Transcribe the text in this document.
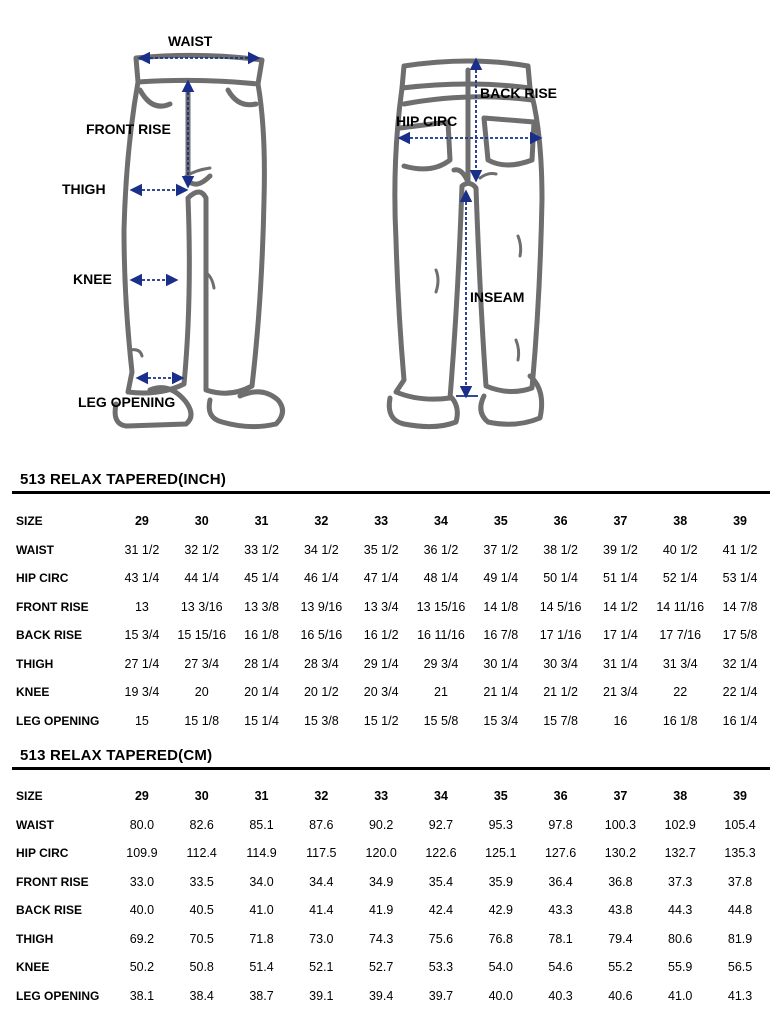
WAIST
FRONT RISE
THIGH
KNEE
LEG OPENING
BACK RISE
HIP CIRC
INSEAM
513 RELAX TAPERED(INCH)
SIZE	29	30	31	32	33	34	35	36	37	38	39
WAIST	31 1/2	32 1/2	33 1/2	34 1/2	35 1/2	36 1/2	37 1/2	38 1/2	39 1/2	40 1/2	41 1/2
HIP CIRC	43 1/4	44 1/4	45 1/4	46 1/4	47 1/4	48 1/4	49 1/4	50 1/4	51 1/4	52 1/4	53 1/4
FRONT RISE	13	13 3/16	13 3/8	13 9/16	13 3/4	13 15/16	14 1/8	14 5/16	14 1/2	14 11/16	14 7/8
BACK RISE	15 3/4	15 15/16	16 1/8	16 5/16	16 1/2	16 11/16	16 7/8	17 1/16	17 1/4	17 7/16	17 5/8
THIGH	27 1/4	27 3/4	28 1/4	28 3/4	29 1/4	29 3/4	30 1/4	30 3/4	31 1/4	31 3/4	32 1/4
KNEE	19 3/4	20	20 1/4	20 1/2	20 3/4	21	21 1/4	21 1/2	21 3/4	22	22 1/4
LEG OPENING	15	15 1/8	15 1/4	15 3/8	15 1/2	15 5/8	15 3/4	15 7/8	16	16 1/8	16 1/4
513 RELAX TAPERED(CM)
SIZE	29	30	31	32	33	34	35	36	37	38	39
WAIST	80.0	82.6	85.1	87.6	90.2	92.7	95.3	97.8	100.3	102.9	105.4
HIP CIRC	109.9	112.4	114.9	117.5	120.0	122.6	125.1	127.6	130.2	132.7	135.3
FRONT RISE	33.0	33.5	34.0	34.4	34.9	35.4	35.9	36.4	36.8	37.3	37.8
BACK RISE	40.0	40.5	41.0	41.4	41.9	42.4	42.9	43.3	43.8	44.3	44.8
THIGH	69.2	70.5	71.8	73.0	74.3	75.6	76.8	78.1	79.4	80.6	81.9
KNEE	50.2	50.8	51.4	52.1	52.7	53.3	54.0	54.6	55.2	55.9	56.5
LEG OPENING	38.1	38.4	38.7	39.1	39.4	39.7	40.0	40.3	40.6	41.0	41.3
